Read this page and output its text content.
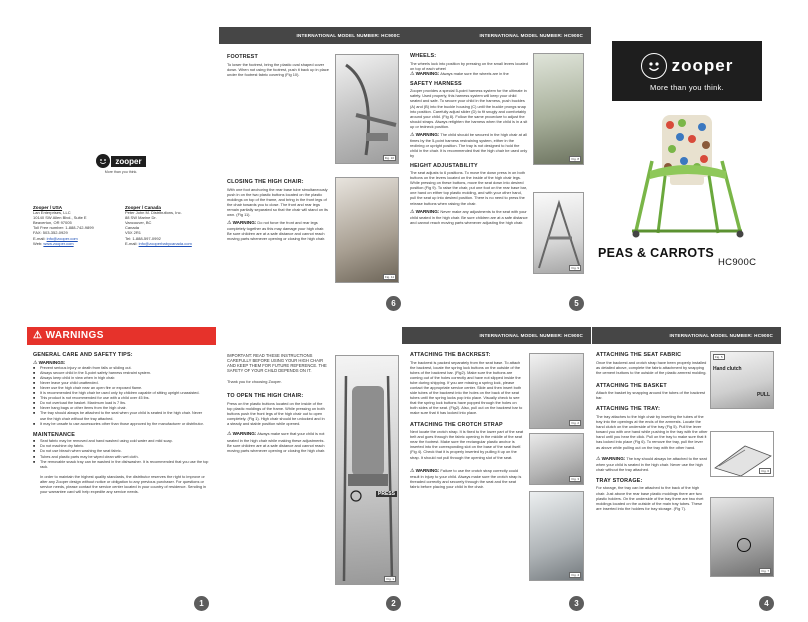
zooper
More than you think.
Zooper / USA
Lan Enterprises, LLC
10140 SW Allen Blvd., Suite E
Beaverton, OR 97005
Toll Free number: 1-888-742-9899
FAX: 503-352-0929
E-mail: info@zooper.com
Web: www.zooper.com
Zooper / Canada
Peter John M. Distributions, Inc.
88 SW Marine Dr.
Vancouver, BC
Canada
V5X 2R1
Tel: 1-888-597-0992
E-mail: info@zooperbabycanada.com
INTERNATIONAL MODEL NUMBER: HC900C
FOOTREST
To lower the footrest, bring the plastic oval shaped cover down. When not using the footrest, push it back up in place under the footrest fabric covering (Fig 10).
Fig. 10
CLOSING THE HIGH CHAIR:
With one foot anchoring the rear base tube simultaneously push in on the two plastic buttons located on the plastic moldings on top of the frame, and bring in the front legs of the chair towards you to close. The front and rear legs remain partially separated so that the chair will stand on its own. (Fig 11).
⚠ WARNING: Do not force the front and rear legs completely together as this may damage your high chair. Be sure children are at a safe distance and cannot reach moving parts whenever opening or closing the high chair.
Fig. 11
6
INTERNATIONAL MODEL NUMBER: HC900C
WHEELS:
The wheels lock into position by pressing on the small levers located on top of each wheel
⚠ WARNING: Always make sure the wheels are in the
SAFETY HARNESS
Zooper provides a special 5-point harness system for the ultimate in safety. Used properly, this harness system will keep your child seated and safe. To secure your child in the harness, push buckles (A) and (B) into the buckle housing (C) until the buckle prongs snap into position. Carefully adjust slider (D) to fit snugly and comfortably around your child. (Fig 8). Follow the same procedure to adjust the should straps. Always retighten the harness when the child is in a sit up or tedneck position.
⚠ WARNING: The child should be secured in the high chair at all times by the 5-point harness restraining system, either in the reclining or upright position. The tray is not designed to hold the child in the chair. It is recommended that the high chair be used only by
HEIGHT ADJUSTABILITY
The seat adjusts to 6 positions. To move the down press in on both buttons on the levers located on the inside of the high chair legs. While pressing on these buttons, move the seat down into desired position (Fig 9). To raise the chair, put one foot on the rear base bar, one hand on either top plastic molding, and with your other hand, pull the seat up into desired position. There is no need to press the release buttons when raising the chair.
⚠ WARNING: Never make any adjustments to the seat with your child seated in the high chair. Be sure children are at a safe distance and cannot reach moving parts whenever adjusting the high chair.
Fig. 8
Fig. 9
5
zooper
More than you think.
PEAS & CARROTS
HC900C
⚠ WARNINGS
GENERAL CARE AND SAFETY TIPS:
⚠ WARNINGS:
■ Prevent serious injury or death from falls or sliding out.
■ Always secure child in the 5-point safety harness restraint system.
■ Always keep child in view when in high chair.
■ Never leave your child unattended.
■ Never use the high chair near an open fire or exposed flame.
■ It is recommended the high chair be used only by children capable of sitting upright unassisted.
■ This product is not recommended for use with a child over 45 lbs.
■ Do not overload the basket. Maximum load is 7 lbs.
■ Never hang bags or other items from the high chair.
■ The tray should always be attached to the seat when your child is seated in the high chair. Never use the high chair without the tray attached.
■ It may be unsafe to use accessories other than those approved by the manufacturer or distributor.
MAINTENANCE
■ Seat fabric may be removed and hand washed using cold water and mild soap.
■ Do not machine dry fabric.
■ Do not use bleach when washing the seat fabric.
■ Tubes and plastic parts may be wiped clean with wet cloth.
■ The removable snack tray can be washed in the dishwasher. It is recommended that you use the top rack.
In order to maintain the highest quality standards, the distributor reserves the right to improve or alter any Zooper design without notice or obligation to any previous purchaser. For questions or service needs, please contact the service center located in your country of residence. Sending in your warrantee card will help expedite any service needs.
1
IMPORTANT: READ THESE INSTRUCTIONS CAREFULLY BEFORE USING YOUR HIGH CHAIR AND KEEP THEM FOR FUTURE REFERENCE. THE SAFETY OF YOUR CHILD DEPENDS ON IT.
Thank you for choosing Zooper.
TO OPEN THE HIGH CHAIR:
Press on the plastic buttons located on the inside of the top plastic moldings of the frame. While pressing on both buttons push the front legs of the high chair out to open completely. (Fig 1). High chair should be unlocked and in a steady and stable position while opened.
⚠ WARNING: Always make sure that your child is not seated in the high chair while making these adjustments. Be sure children are at a safe distance and cannot reach moving parts whenever opening or closing the high chair.
PRESS
Fig. 1
2
INTERNATIONAL MODEL NUMBER: HC900C
ATTACHING THE BACKREST:
The backrest is packed separately from the seat base. To attach the backrest, locate the spring lock buttons on the outside of the tubes of the backrest bar. (Fig2). Make sure the buttons are coming out of the holes correctly and have not slipped inside the tube during shipping. If you are missing a spring lock, please contact the appropriate service center. Slide and then insert both side tubes of the backrest into the holes on the back of the seat tubes until the spring locks pop into place. Visually check to see that the spring lock buttons have popped through the holes on both sides of the seat. (Fig2). Also, pull out on the backrest bar to make sure that it has locked into place.
ATTACHING THE CROTCH STRAP
Next locate the crotch strap. It is fixed to the lower part of the seat belt and goes through the fabric opening in the middle of the seat near the footrest. Make sure the rectangular plastic anchor is inserted into the corresponding slot on the base of the seat itself. (Fig 4). Check that it is properly inserted by pulling it up on the strap. It should not pull through the opening slot of the seat.
⚠ WARNING: Failure to use the crotch strap correctly could result in injury to your child. Always make sure the crotch strap is threaded correctly and securely through the seat and the seat fabric before placing your child in the chair.
Fig. 2
Fig. 3
Fig. 4
3
INTERNATIONAL MODEL NUMBER: HC900C
ATTACHING THE SEAT FABRIC
Once the backrest and crotch strap have been properly installed as detailed above, complete the fabric attachment by snapping the cement buttons to the outside of the plastic armrest molding.
ATTACHING THE BASKET
Attach the basket by snapping around the tubes of the backrest bar.
ATTACHING THE TRAY:
The tray attaches to the high chair by inserting the tubes of the tray into the openings at the ends of the armrests. Locate the hand clutch on the underside of the tray (Fig 5). Pull the lever toward you with one hand while pushing in the tray with the other hand until you hear the click. Pull on the tray to make sure that it has locked into place (Fig 6). To remove the tray, pull the lever as above while pulling out on the tray with the other hand.
⚠ WARNING: The tray should always be attached to the seat when your child is seated in the high chair. Never use the high chair without the tray attached.
TRAY STORAGE:
For storage, the tray can be attached to the back of the high chair. Just above the rear base plastic moldings there are two plastic holders. On the underside of the tray there are two rivet moldings located on the outside of the main tray tubes. These are inserted into the holders for tray storage. (Fig 7).
Hand clutch
PULL
Fig. 5
Fig. 6
Fig. 7
4
